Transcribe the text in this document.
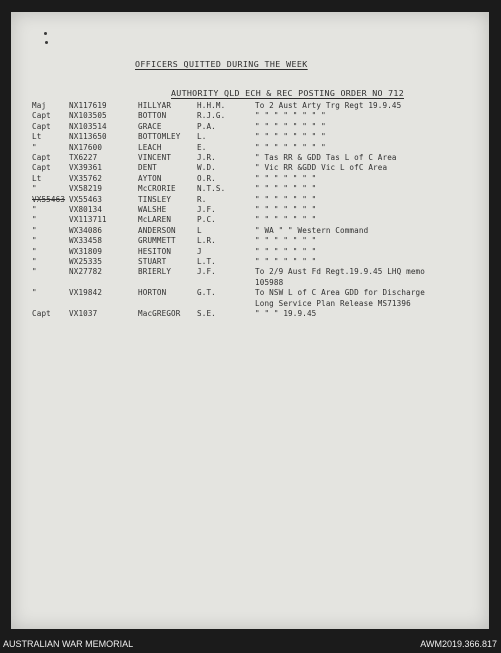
OFFICERS QUITTED DURING THE WEEK
AUTHORITY QLD ECH & REC POSTING ORDER NO 712
Maj	NX117619	HILLYAR	H.H.M.	To 2 Aust Arty Trg Regt 19.9.45
Capt NX103505	BOTTON	R.J.G.	" " " " " " " "
Capt NX103514	GRACE	P.A.	" " " " " " " "
Lt	NX113650	BOTTOMLEY L.	" " " " " " " "
"	NX17600	LEACH	E.	" " " " " " " "
Capt TX6227	VINCENT	J.R.	" Tas RR & GDD Tas L of C Area
Capt VX39361	DENT	W.D.	" Vic RR &GDD Vic L ofC Area
Lt	VX35762	AYTON	O.R.	" " " " " " "
"	VX58219	McCRORIE	N.T.S.	" " " " " " "
VX55463 VX55463	TINSLEY	R.	" " " " " " "
"	VX80134	WALSHE	J.F.	" " " " " " "
"	VX113711	McLAREN	P.C.	" " " " " " "
"	WX34086	ANDERSON	L	" WA " " Western Command
"	WX33458	GRUMMETT	L.R.	" " " " " " "
"	WX31809	HESITON	J	" " " " " " "
"	WX25335	STUART	L.T.	" " " " " " "
"	NX27782	BRIERLY	J.F.	To 2/9 Aust Fd Regt.19.9.45 LHQ memo
105988
"	VX19842	HORTON	G.T.	To NSW L of C Area GDD for Discharge
Long Service Plan Release MS71396
Capt VX1037	MacGREGOR S.E.	" " " 19.9.45
AUSTRALIAN WAR MEMORIAL	AWM2019.366.817
